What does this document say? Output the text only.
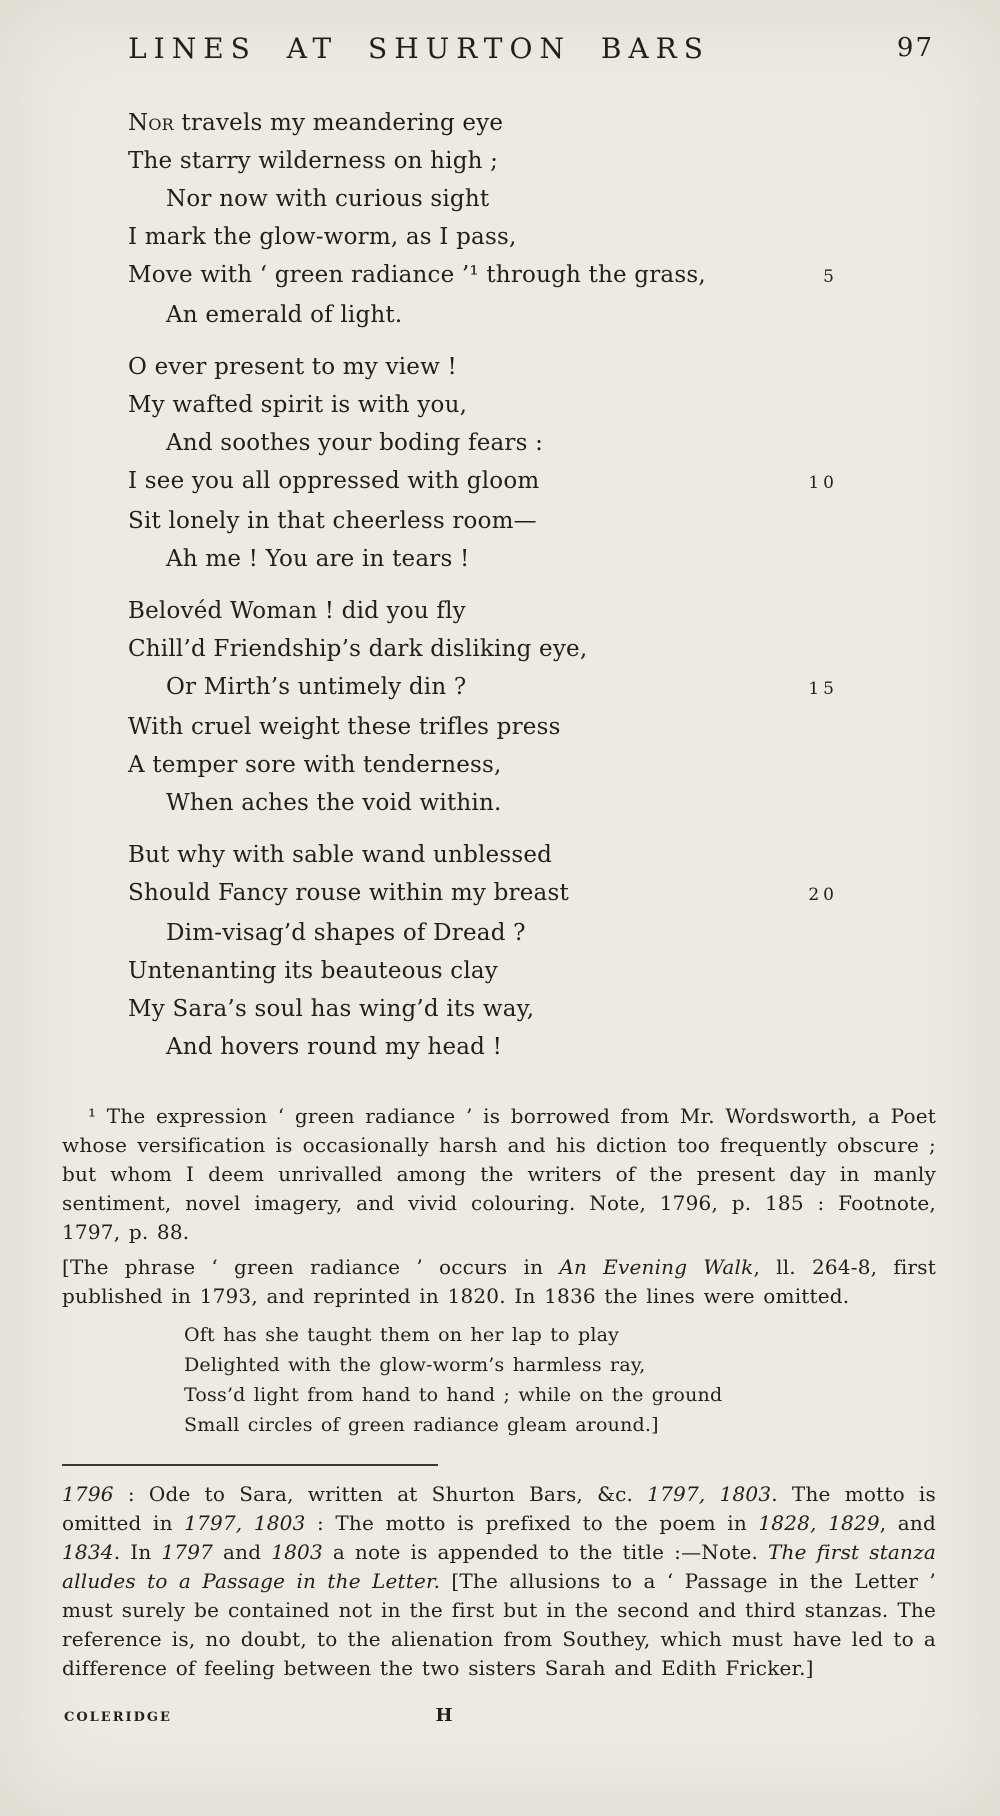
LINES AT SHURTON BARS	97
Nor travels my meandering eye
The starry wilderness on high ;
Nor now with curious sight
I mark the glow-worm, as I pass,
Move with ‘ green radiance ’¹ through the grass,	5
An emerald of light.
O ever present to my view !
My wafted spirit is with you,
And soothes your boding fears :
I see you all oppressed with gloom	10
Sit lonely in that cheerless room—
Ah me ! You are in tears !
Belovéd Woman ! did you fly
Chill’d Friendship’s dark disliking eye,
Or Mirth’s untimely din ?	15
With cruel weight these trifles press
A temper sore with tenderness,
When aches the void within.
But why with sable wand unblessed
Should Fancy rouse within my breast	20
Dim-visag’d shapes of Dread ?
Untenanting its beauteous clay
My Sara’s soul has wing’d its way,
And hovers round my head !

¹ The expression ‘ green radiance ’ is borrowed from Mr. Wordsworth, a Poet whose versification is occasionally harsh and his diction too frequently obscure ; but whom I deem unrivalled among the writers of the present day in manly sentiment, novel imagery, and vivid colouring. Note, 1796, p. 185 : Footnote, 1797, p. 88.

[The phrase ‘ green radiance ’ occurs in An Evening Walk, ll. 264-8, first published in 1793, and reprinted in 1820. In 1836 the lines were omitted.

Oft has she taught them on her lap to play
Delighted with the glow-worm’s harmless ray,
Toss’d light from hand to hand ; while on the ground
Small circles of green radiance gleam around.]

1796 : Ode to Sara, written at Shurton Bars, &c. 1797, 1803. The motto is omitted in 1797, 1803 : The motto is prefixed to the poem in 1828, 1829, and 1834. In 1797 and 1803 a note is appended to the title :—Note. The first stanza alludes to a Passage in the Letter. [The allusions to a ‘ Passage in the Letter ’ must surely be contained not in the first but in the second and third stanzas. The reference is, no doubt, to the alienation from Southey, which must have led to a difference of feeling between the two sisters Sarah and Edith Fricker.]

COLERIDGE	H
